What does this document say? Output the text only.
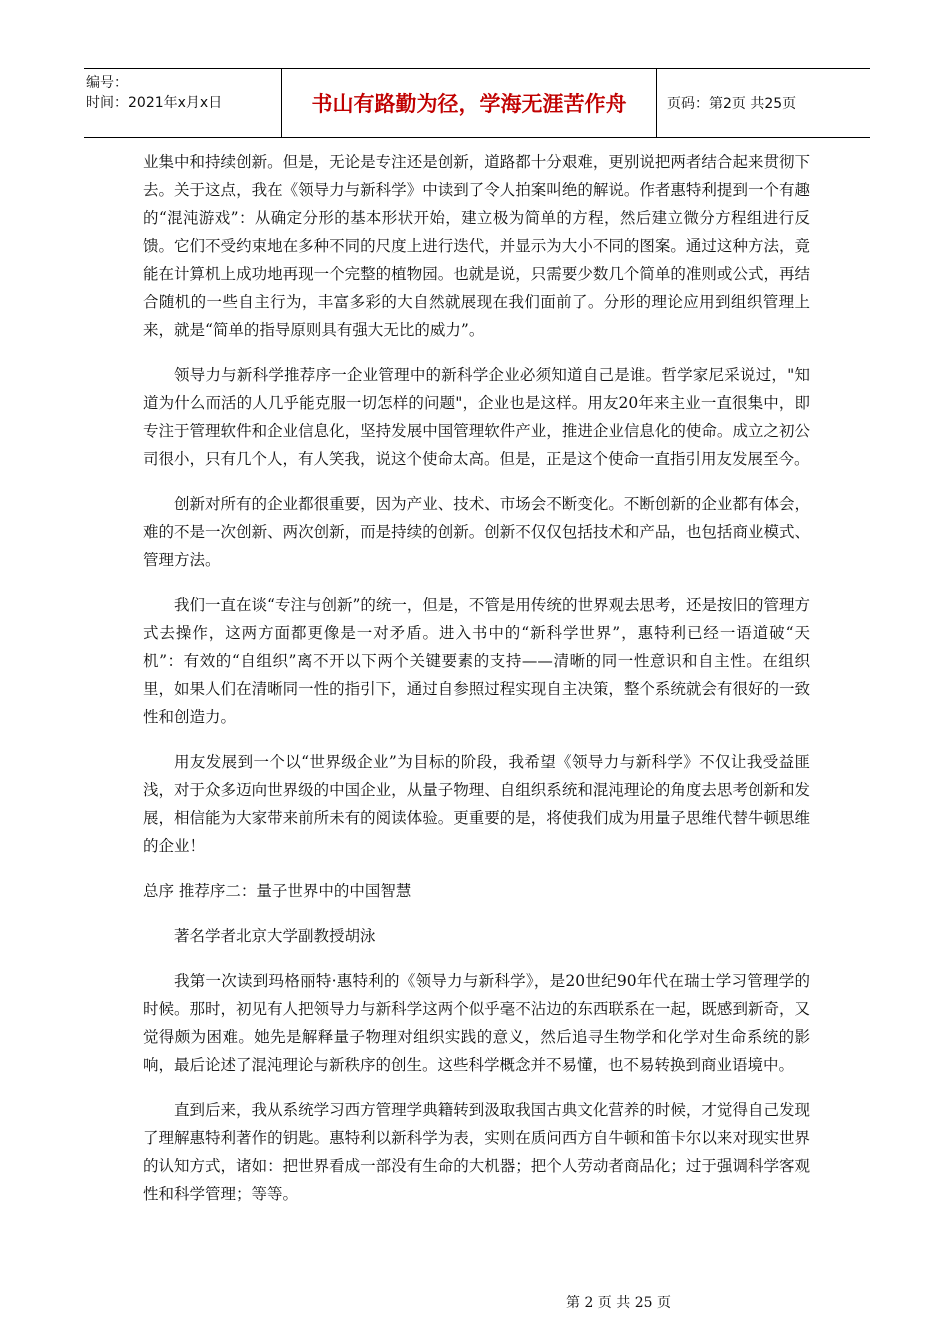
编号：
时间：2021年x月x日	书山有路勤为径，学海无涯苦作舟	页码：第2页 共25页

业集中和持续创新。但是，无论是专注还是创新，道路都十分艰难，更别说把两者结合起来贯彻下去。关于这点，我在《领导力与新科学》中读到了令人拍案叫绝的解说。作者惠特利提到一个有趣的“混沌游戏”：从确定分形的基本形状开始，建立极为简单的方程，然后建立微分方程组进行反馈。它们不受约束地在多种不同的尺度上进行迭代，并显示为大小不同的图案。通过这种方法，竟能在计算机上成功地再现一个完整的植物园。也就是说，只需要少数几个简单的准则或公式，再结合随机的一些自主行为，丰富多彩的大自然就展现在我们面前了。分形的理论应用到组织管理上来，就是“简单的指导原则具有强大无比的威力”。

领导力与新科学推荐序一企业管理中的新科学企业必须知道自己是谁。哲学家尼采说过，"知道为什么而活的人几乎能克服一切怎样的问题"，企业也是这样。用友20年来主业一直很集中，即专注于管理软件和企业信息化，坚持发展中国管理软件产业，推进企业信息化的使命。成立之初公司很小，只有几个人，有人笑我，说这个使命太高。但是，正是这个使命一直指引用友发展至今。

创新对所有的企业都很重要，因为产业、技术、市场会不断变化。不断创新的企业都有体会，难的不是一次创新、两次创新，而是持续的创新。创新不仅仅包括技术和产品，也包括商业模式、管理方法。

我们一直在谈“专注与创新”的统一，但是，不管是用传统的世界观去思考，还是按旧的管理方式去操作，这两方面都更像是一对矛盾。进入书中的“新科学世界”，惠特利已经一语道破“天机”：有效的“自组织”离不开以下两个关键要素的支持——清晰的同一性意识和自主性。在组织里，如果人们在清晰同一性的指引下，通过自参照过程实现自主决策，整个系统就会有很好的一致性和创造力。

用友发展到一个以“世界级企业”为目标的阶段，我希望《领导力与新科学》不仅让我受益匪浅，对于众多迈向世界级的中国企业，从量子物理、自组织系统和混沌理论的角度去思考创新和发展，相信能为大家带来前所未有的阅读体验。更重要的是，将使我们成为用量子思维代替牛顿思维的企业！

总序 推荐序二：量子世界中的中国智慧

著名学者北京大学副教授胡泳

我第一次读到玛格丽特·惠特利的《领导力与新科学》，是20世纪90年代在瑞士学习管理学的时候。那时，初见有人把领导力与新科学这两个似乎毫不沾边的东西联系在一起，既感到新奇，又觉得颇为困难。她先是解释量子物理对组织实践的意义，然后追寻生物学和化学对生命系统的影响，最后论述了混沌理论与新秩序的创生。这些科学概念并不易懂，也不易转换到商业语境中。

直到后来，我从系统学习西方管理学典籍转到汲取我国古典文化营养的时候，才觉得自己发现了理解惠特利著作的钥匙。惠特利以新科学为表，实则在质问西方自牛顿和笛卡尔以来对现实世界的认知方式，诸如：把世界看成一部没有生命的大机器；把个人劳动者商品化；过于强调科学客观性和科学管理；等等。

第 2 页 共 25 页
